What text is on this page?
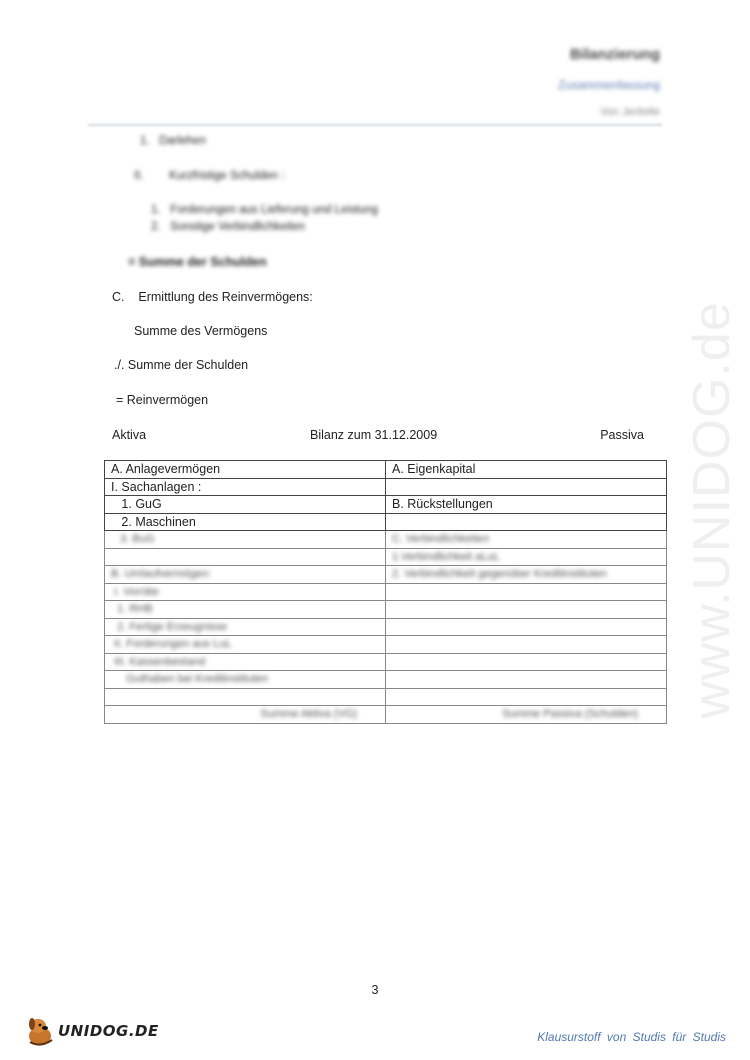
www.UNIDOG.de
Bilanzierung
Zusammenfassung
Von Jeritelle
1.   Darlehen
II.        Kurzfristige Schulden :
1.   Forderungen aus Lieferung und Leistung
2.   Sonstige Verbindlichkeiten
= Summe der Schulden
C.    Ermittlung des Reinvermögens:
Summe des Vermögens
./. Summe der Schulden
= Reinvermögen
Aktiva	Bilanz zum 31.12.2009	Passiva
A. Anlagevermögen	A. Eigenkapital
I. Sachanlagen :	
1. GuG	B. Rückstellungen
2. Maschinen	

3. BuG	C. Verbindlichkeiten

	1.Verbindlichkeit aLuL

B. Umlaufvermögen:	2. Verbindlichkeit gegenüber Kreditinstituten

I. Vorräte	

1. RHB	

2. Fertige Erzeugnisse	

II. Forderungen aus LuL	

III. Kassenbestand	

Guthaben bei Kreditinstituten	

Summe Aktiva (VG)	Summe Passiva (Schulden)
3
UNIDOG.DE	Klausurstoff von Studis für Studis
